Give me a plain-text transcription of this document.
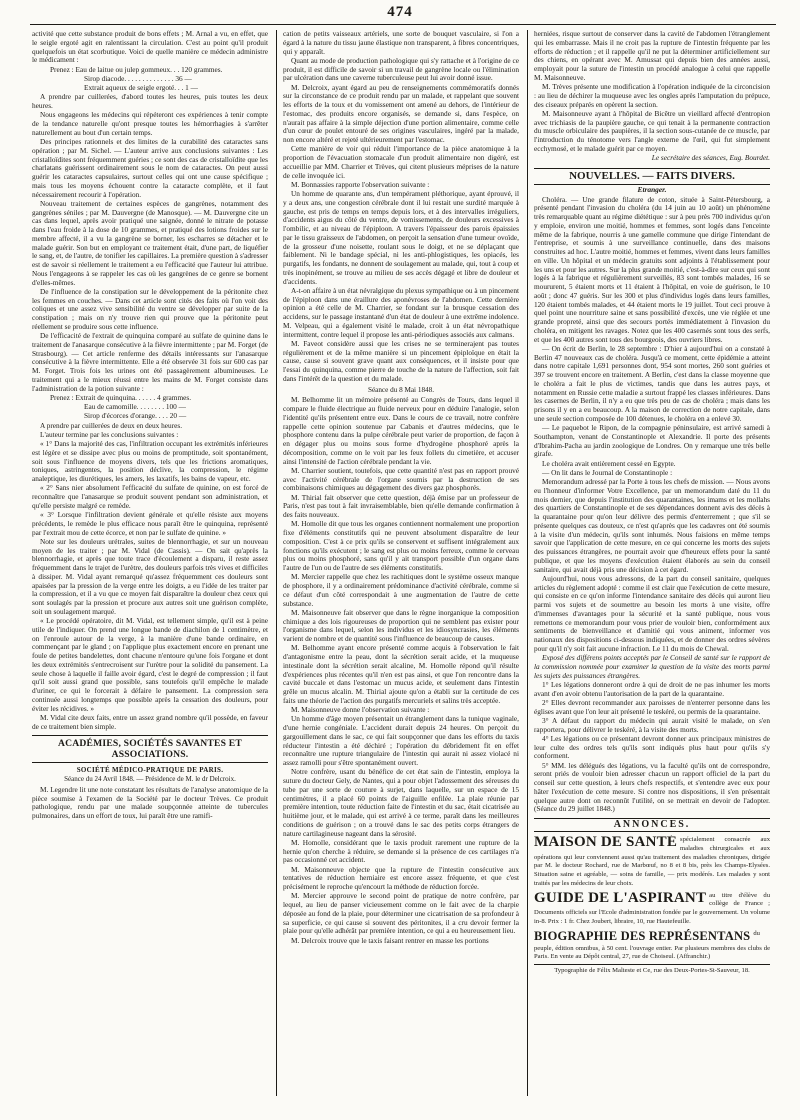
474

activité que cette substance produit de bons effets ; M. Arnal a vu, en effet, que le seigle ergoté agit en ralentissant la circulation. C'est au point qu'il produit quelquefois un état scorbutique. Voici de quelle manière ce médecin administre le médicament :

Prenez : Eau de laitue ou julep gommeux. . . 120 grammes.

Sirop diacode. . . . . . . . . . . . . . 36 —

Extrait aqueux de seigle ergoté. . . 1 —

A prendre par cuillerées, d'abord toutes les heures, puis toutes les deux heures.

Nous engageons les médecins qui répéteront ces expériences à tenir compte de la tendance naturelle qu'ont presque toutes les hémorrhagies à s'arrêter naturellement au bout d'un certain temps.

Des principes rationnels et des limites de la curabilité des cataractes sans opération ; par M. Sichel. — L'auteur arrive aux conclusions suivantes : Les cristalloïdites sont fréquemment guéries ; ce sont des cas de cristalloïdite que les charlatans guérissent ordinairement sous le nom de cataractes. On peut aussi guérir les cataractes capsulaires, surtout celles qui ont une cause spécifique ; mais tous les moyens échouent contre la cataracte complète, et il faut nécessairement recourir à l'opération.

Nouveau traitement de certaines espèces de gangrènes, notamment des gangrènes séniles ; par M. Dauvergne (de Manosque). — M. Dauvergne cite un cas dans lequel, après avoir pratiqué une saignée, donné le nitrate de potasse dans l'eau froide à la dose de 10 grammes, et pratiqué des lotions froides sur le membre affecté, il a vu la gangrène se borner, les escharres se détacher et le malade guérir. Son but en employant ce traitement était, d'une part, de liquéfier le sang, et, de l'autre, de tonifier les capillaires. La première question à s'adresser est de savoir si réellement le traitement a eu l'efficacité que l'auteur lui attribue. Nous l'engageons à se rappeler les cas où les gangrènes de ce genre se bornent d'elles-mêmes.

De l'influence de la constipation sur le développement de la péritonite chez les femmes en couches. — Dans cet article sont cités des faits où l'on voit des coliques et une assez vive sensibilité du ventre se développer par suite de la constipation ; mais on n'y trouve rien qui prouve que la péritonite peut réellement se produire sous cette influence.

De l'efficacité de l'extrait de quinquina comparé au sulfate de quinine dans le traitement de l'anasarque consécutive à la fièvre intermittente ; par M. Forget (de Strasbourg). — Cet article renferme des détails intéressants sur l'anasarque consécutive à la fièvre intermittente. Elle a été observée 31 fois sur 600 cas par M. Forget. Trois fois les urines ont été passagèrement albumineuses. Le traitement qui a le mieux réussi entre les mains de M. Forget consiste dans l'administration de la potion suivante :

Prenez : Extrait de quinquina. . . . . . 4 grammes.

Eau de camomille. . . . . . . . 100 —

Sirop d'écorces d'orange. . . . 20 —

A prendre par cuillerées de deux en deux heures.

L'auteur termine par les conclusions suivantes :

« 1° Dans la majorité des cas, l'infiltration occupant les extrémités inférieures est légère et se dissipe avec plus ou moins de promptitude, soit spontanément, soit sous l'influence de moyens divers, tels que les frictions aromatiques, toniques, astringentes, la position déclive, la compression, le régime analeptique, les diurétiques, les amers, les laxatifs, les bains de vapeur, etc.

« 2° Sans nier absolument l'efficacité du sulfate de quinine, on est forcé de reconnaître que l'anasarque se produit souvent pendant son administration, et qu'elle persiste malgré ce remède.

« 3° Lorsque l'infiltration devient générale et qu'elle résiste aux moyens précédents, le remède le plus efficace nous paraît être le quinquina, représenté par l'extrait mou de cette écorce, et non par le sulfate de quinine. »

Note sur les douleurs urétrales, suites de blennorrhagie, et sur un nouveau moyen de les traiter ; par M. Vidal (de Cassis). — On sait qu'après la blennorrhagie, et après que toute trace d'écoulement a disparu, il reste assez fréquemment dans le trajet de l'urètre, des douleurs parfois très vives et difficiles à dissiper. M. Vidal ayant remarqué qu'assez fréquemment ces douleurs sont apaisées par la pression de la verge entre les doigts, a eu l'idée de les traiter par la compression, et il a vu que ce moyen fait disparaître la douleur chez ceux qui sont soulagés par la pression et procure aux autres soit une guérison complète, soit un soulagement marqué.

« Le procédé opératoire, dit M. Vidal, est tellement simple, qu'il est à peine utile de l'indiquer. On prend une longue bande de diachilon de 1 centimètre, et on l'enroule autour de la verge, à la manière d'une bande ordinaire, en commençant par le gland ; on l'applique plus exactement encore en prenant une foule de petites bandelettes, dont chacune n'entoure qu'une fois l'organe et dont les deux extrémités s'entrecroisent sur l'urètre pour la solidité du pansement. La seule chose à laquelle il faille avoir égard, c'est le degré de compression ; il faut qu'il soit aussi grand que possible, sans toutefois qu'il empêche le malade d'uriner, ce qui le forcerait à défaire le pansement. La compression sera continuée aussi longtemps que possible après la cessation des douleurs, pour éviter les récidives. »

M. Vidal cite deux faits, entre un assez grand nombre qu'il possède, en faveur de ce traitement bien simple.

ACADÉMIES, SOCIÉTÉS SAVANTES ET ASSOCIATIONS.
SOCIÉTÉ MÉDICO-PRATIQUE DE PARIS.
Séance du 24 Avril 1848. — Présidence de M. le dr Delcroix.

M. Legendre lit une note constatant les résultats de l'analyse anatomique de la pièce soumise à l'examen de la Société par le docteur Trèves. Ce produit pathologique, rendu par une malade soupçonnée atteinte de tubercules pulmonaires, dans un effort de toux, lui paraît être une ramifi-

cation de petits vaisseaux artériels, une sorte de bouquet vasculaire, si l'on a égard à la nature du tissu jaune élastique non transparent, à fibres concentriques, qui y apparaît.

Quant au mode de production pathologique qui s'y rattache et à l'origine de ce produit, il est difficile de savoir si un travail de gangrène locale ou l'élimination par ulcération dans une caverne tuberculeuse peut lui avoir donné issue.

M. Delcroix, ayant égard au peu de renseignements commémoratifs donnés sur la circonstance de ce produit rendu par un malade, et rappelant que souvent les efforts de la toux et du vomissement ont amené au dehors, de l'intérieur de l'estomac, des produits encore organisés, se demande si, dans l'espèce, on n'aurait pas affaire à la simple déjection d'une portion alimentaire, comme celle d'un cœur de poulet entouré de ses origines vasculaires, ingéré par la malade, non encore altéré et rejeté ultérieurement par l'estomac.

Cette manière de voir qui réduit l'importance de la pièce anatomique à la proportion de l'évacuation stomacale d'un produit alimentaire non digéré, est accueillie par MM. Charrier et Trèves, qui citent plusieurs méprises de la nature de celle invoquée ici.

M. Bonnassies rapporte l'observation suivante :

Un homme de quarante ans, d'un tempérament pléthorique, ayant éprouvé, il y a deux ans, une congestion cérébrale dont il lui restait une surdité marquée à gauche, est pris de temps en temps depuis lors, et à des intervalles irréguliers, d'accidents aigus du côté du ventre, de vomissements, de douleurs excessives à l'ombilic, et au niveau de l'épiploon. A travers l'épaisseur des parois épaissies par le tissu graisseux de l'abdomen, on perçoit la sensation d'une tumeur ovoïde, de la grosseur d'une noisette, roulant sous le doigt, et ne se déplaçant que faiblement. Ni le bandage spécial, ni les anti-phlogistiques, les opiacés, les purgatifs, les fondants, ne donnent de soulagement au malade, qui, tout à coup et très inopinément, se trouve au milieu de ses accès dégagé et libre de douleur et d'accidents.

A-t-on affaire à un état névralgique du plexus sympathique ou à un pincement de l'épiploon dans une éraillure des aponévroses de l'abdomen. Cette dernière opinion a été celle de M. Charrier, se fondant sur la brusque cessation des accidens, sur le passage instantané d'un état de douleur à une extrême indolence. M. Velpeau, qui a également visité le malade, croit à un état névropathique intermittent, contre lequel il propose les anti-périodiques associés aux calmans.

M. Faveot considère aussi que les crises ne se terminerajent pas toutes régulièrement et de la même manière si un pincement épiploïque en était la cause, cause si souvent grave quant aux conséquences, et il insiste pour que l'essai du quinquina, comme pierre de touche de la nature de l'affection, soit fait dans l'intérêt de la question et du malade.

Séance du 8 Mai 1848.

M. Belhomme lit un mémoire présenté au Congrès de Tours, dans lequel il compare le fluide électrique au fluide nerveux pour en déduire l'analogie, selon l'identité qu'ils présentent entre eux. Dans le cours de ce travail, notre confrère rappelle cette opinion soutenue par Cabanis et d'autres médecins, que le phosphore contenu dans la pulpe cérébrale peut varier de proportion, de façon à en dégager plus ou moins sous forme d'hydrogène phosphoré après la décomposition, comme on le voit par les feux follets du cimetière, et accuser ainsi l'intensité de l'action cérébrale pendant la vie.

M. Charrier soutient, toutefois, que cette quantité n'est pas en rapport prouvé avec l'activité cérébrale de l'organe soumis par la destruction de ses combinaisons chimiques au dégagement des divers gaz phosphorés.

M. Thirial fait observer que cette question, déjà émise par un professeur de Paris, n'est pas tout à fait invraisemblable, bien qu'elle demande confirmation à des faits nouveaux.

M. Homolle dit que tous les organes contiennent normalement une proportion fixe d'éléments constitutifs qui ne peuvent absolument disparaître de leur composition. C'est à ce prix qu'ils se conservent et suffisent intégralement aux fonctions qu'ils exécutent ; le sang est plus ou moins ferreux, comme le cerveau plus ou moins phosphoré, sans qu'il y ait transport possible d'un organe dans l'autre de l'un ou de l'autre de ses éléments constitutifs.

M. Mercier rappelle que chez les rachitiques dont le système osseux manque de phosphore, il y a ordinairement prédominance d'activité cérébrale, comme si ce défaut d'un côté correspondait à une augmentation de l'autre de cette substance.

M. Maisonneuve fait observer que dans le règne inorganique la composition chimique a des lois rigoureuses de proportion qui ne semblent pas exister pour l'organisme dans lequel, selon les individus et les idiosyncrasies, les éléments varient de nombre et de quantité sous l'influence de beaucoup de causes.

M. Belhomme ayant encore présenté comme acquis à l'observation le fait d'antagonisme entre la peau, dont la sécrétion serait acide, et la muqueuse intestinale dont la sécrétion serait alcaline, M. Homolle répond qu'il résulte d'expériences plus récentes qu'il n'en est pas ainsi, et que l'on rencontre dans la cavité buccale et dans l'estomac un mucus acide, et seulement dans l'intestin grêle un mucus alcalin. M. Thirial ajoute qu'on a établi sur la certitude de ces faits une théorie de l'action des purgatifs mercuriels et salins très acceptée.

M. Maisonneuve donne l'observation suivante :

Un homme d'âge moyen présentait un étranglement dans la tunique vaginale, d'une hernie congéniale. L'accident durait depuis 24 heures. On perçoit du gargouillement dans le sac, ce qui fait soupçonner que dans les efforts du taxis réducteur l'intestin a été déchiré ; l'opération du débridement fit en effet reconnaître une rupture triangulaire de l'intestin qui aurait ni assez violacé ni assez ramolli pour s'être spontanément ouvert.

Notre confrère, usant du bénéfice de cet état sain de l'intestin, employa la suture du docteur Gely, de Nantes, qui a pour objet l'adossement des séreuses du tube par une sorte de couture à surjet, dans laquelle, sur un espace de 15 centimètres, il a placé 60 points de l'aiguille enfilée. La plaie réunie par première intention, toute réduction faite de l'intestin et du sac, était cicatrisée au huitième jour, et le malade, qui est arrivé à ce terme, paraît dans les meilleures conditions de guérison ; on a trouvé dans le sac des petits corps étrangers de nature cartilagineuse nageant dans la sérosité.

M. Homolle, considérant que le taxis produit rarement une rupture de la hernie qu'on cherche à réduire, se demande si la présence de ces cartilages n'a pas occasionné cet accident.

M. Maisonneuve objecte que la rupture de l'intestin consécutive aux tentatives de réduction herniaire est encore assez fréquente, et que c'est précisément le reproche qu'encourt la méthode de réduction forcée.

M. Mercier approuve le second point de pratique de notre confrère, par lequel, au lieu de panser vicieusement comme on le fait avec de la charpie déposée au fond de la plaie, pour déterminer une cicatrisation de sa profondeur à sa superficie, ce qui cause si souvent des péritonites, il a cru devoir fermer la plaie pour qu'elle adhérât par première intention, ce qui a eu heureusement lieu.

M. Delcroix trouve que le taxis faisant rentrer en masse les portions

herniées, risque surtout de conserver dans la cavité de l'abdomen l'étranglement qui les embarrasse. Mais il ne croit pas la rupture de l'intestin fréquente par les efforts de réduction ; et il rappelle qu'il ne put la déterminer artificiellement sur des chiens, en opérant avec M. Amussat qui depuis bien des années aussi, employait pour la suture de l'intestin un procédé analogue à celui que rappelle M. Maisonneuve.

M. Trèves présente une modification à l'opération indiquée de la circoncision : au lieu de déchirer la muqueuse avec les ongles après l'amputation du prépuce, des ciseaux préparés en opèrent la section.

M. Maisonneuve ayant à l'hôpital de Bicêtre un vieillard affecté d'entropion avec trichiasis de la paupière gauche, ce qui tenait à la permanente contraction du muscle orbiculaire des paupières, il la section sous-cutanée de ce muscle, par l'introduction du ténotome vers l'angle externe de l'œil, qui fut simplement ecchymosé, et le malade guérit par ce moyen.

Le secrétaire des séances, Eug. Bourdet.

NOUVELLES. — FAITS DIVERS.
Etranger.

Choléra. — Une grande filature de coton, située à Saint-Pétersbourg, a présenté pendant l'invasion du choléra (du 14 juin au 10 août) un phénomène très remarquable quant au régime diététique : sur à peu près 700 individus qu'on y emploie, environ une moitié, hommes et femmes, sont logés dans l'enceinte même de la fabrique, nourris à une gamelle commune que dirige l'intendant de l'entreprise, et soumis à une surveillance continuelle, dans des maisons construites ad hoc. L'autre moitié, hommes et femmes, vivent dans leurs familles en ville. Un hôpital et un médecin gratuits sont adjoints à l'établissement pour les uns et pour les autres. Sur la plus grande moitié, c'est-à-dire sur ceux qui sont logés à la fabrique et régulièrement surveillés, 83 sont tombés malades, 16 se moururent, 5 étaient morts et 11 étaient à l'hôpital, en voie de guérison, le 10 août ; donc 47 guéris. Sur les 300 et plus d'individus logés dans leurs familles, 120 étaient tombés malades, et 44 étaient morts le 19 juillet. Tout ceci prouve à quel point une nourriture saine et sans possibilité d'excès, une vie réglée et une grande propreté, ainsi que des secours portés immédiatement à l'invasion du choléra, en mitigent les ravages. Notez que les 400 casernés sont tous des serfs, et que les 400 autres sont tous des bourgeois, des ouvriers libres.

— On écrit de Berlin, le 28 septembre : D'hier à aujourd'hui on a constaté à Berlin 47 nouveaux cas de choléra. Jusqu'à ce moment, cette épidémie a atteint dans notre capitale 1,691 personnes dont, 954 sont mortes, 260 sont guéries et 397 se trouvent encore en traitement. A Berlin, c'est dans la classe moyenne que le choléra a fait le plus de victimes, tandis que dans les autres pays, et notamment en Russie cette maladie a surtout frappé les classes inférieures. Dans les casernes de Berlin, il n'y a eu que très peu de cas de choléra ; mais dans les prisons il y en a eu beaucoup. A la maison de correction de notre capitale, dans une seule section composée de 100 détenues, le choléra en a enlevé 30.

— Le paquebot le Ripon, de la compagnie péninsulaire, est arrivé samedi à Southampton, venant de Constantinople et Alexandrie. Il porte des présents d'Ibrahim-Pacha au jardin zoologique de Londres. On y remarque une très belle girafe.

Le choléra avait entièrement cessé en Egypte.

— On lit dans le Journal de Constantinople :

Memorandum adressé par la Porte à tous les chefs de mission. — Nous avons eu l'honneur d'informer Votre Excellence, par un memorandum daté du 11 du mois dernier, que depuis l'institution des quarantaines, les imams et les mollahs des quartiers de Constantinople et de ses dépendances donnent avis des décès à la quarantaine pour qu'on leur délivre des permis d'enterrement ; que s'il se présente quelques cas douteux, ce n'est qu'après que les cadavres ont été soumis à la visite d'un médecin, qu'ils sont inhumés. Nous faisions en même temps savoir que l'application de cette mesure, en ce qui concerne les morts des sujets des puissances étrangères, ne pourrait avoir que d'heureux effets pour la santé publique, et que les moyens d'exécution étaient élaborés au sein du conseil sanitaire, qui avait déjà pris une décision à cet égard.

Aujourd'hui, nous vous adressons, de la part du conseil sanitaire, quelques articles du règlement adopté : comme il est clair que l'exécution de cette mesure, qui consiste en ce qu'on informe l'intendance sanitaire des décès qui auront lieu parmi vos sujets et de soumettre au besoin les morts à une visite, offre d'immenses d'avantages pour la sécurité et la santé publique, nous vous remettons ce memorandum pour vous prier de vouloir bien, conformément aux sentiments de bienveillance et d'amitié qui vous animent, informer vos nationaux des dispositions ci-dessous indiquées, et de donner des ordres sévères pour qu'il n'y soit fait aucune infraction. Le 11 du mois de Chewal.

Exposé des différens points acceptés par le Conseil de santé sur le rapport de la commission nommée pour examiner la question de la visite des morts parmi les sujets des puissances étrangères.

1° Les légations donneront ordre à qui de droit de ne pas inhumer les morts avant d'en avoir obtenu l'autorisation de la part de la quarantaine.

2° Elles devront recommander aux paroisses de n'enterrer personne dans les églises avant que l'on leur ait présenté le teskéré, ou permis de la quarantaine.

3° A défaut du rapport du médecin qui aurait visité le malade, on s'en rapportera, pour délivrer le teskéré, à la visite des morts.

4° Les légations ou ce présentant devront donner aux principaux ministres de leur culte des ordres tels qu'ils sont indiqués plus haut pour qu'ils s'y conforment.

5° MM. les délégués des légations, vu la faculté qu'ils ont de correspondre, seront priés de vouloir bien adresser chacun un rapport officiel de la part du conseil sur cette question, à leurs chefs respectifs, et s'entendre avec eux pour hâter l'exécution de cette mesure. Si contre nos dispositions, il s'en présentait quelque autre dont on reconnût l'utilité, on se mettrait en devoir de l'adopter. (Séance du 29 juillet 1848.)

ANNONCES.
MAISON DE SANTÉ spécialement consacrée aux maladies chirurgicales et aux opérations qui leur conviennent aussi qu'au traitement des maladies chroniques, dirigée par M. le docteur Rochard, rue de Marbœuf, no 8 et 8 bis, près les Champs-Elysées. Situation saine et agréable, — soins de famille, — prix modérés. Les malades y sont traités par les médecins de leur choix.
GUIDE DE L'ASPIRANT au titre d'élève du collège de France ; Documents officiels sur l'Ecole d'administration fondée par le gouvernement. Un volume in-8. Prix : 1 fr. Chez Joubert, libraire, 10, rue Hautefeuille.
BIOGRAPHIE DES REPRÉSENTANS du peuple, édition omnibus, à 50 cent. l'ouvrage entier. Par plusieurs membres des clubs de Paris. En vente au Dépôt central, 27, rue de Choiseul. (Affranchir.)
Typographie de Félix Malteste et Ce, rue des Deux-Portes-St-Sauveur, 18.
